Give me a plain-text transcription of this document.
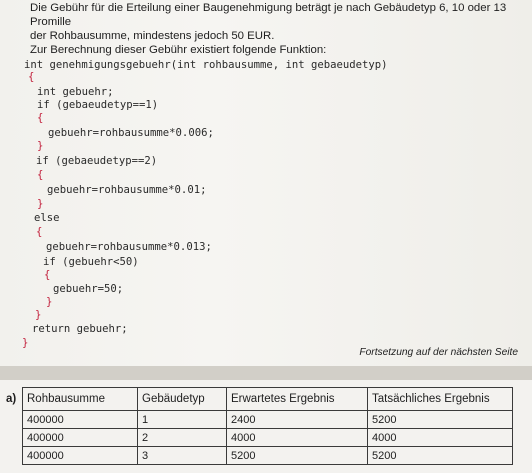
Die Gebühr für die Erteilung einer Baugenehmigung beträgt je nach Gebäudetyp 6, 10 oder 13 Promille

der Rohbausumme, mindestens jedoch 50 EUR.

Zur Berechnung dieser Gebühr existiert folgende Funktion:
int genehmigungsgebuehr(int rohbausumme, int gebaeudetyp)
{
int gebuehr;
if (gebaeudetyp==1)
{
gebuehr=rohbausumme*0.006;
}
if (gebaeudetyp==2)
{
gebuehr=rohbausumme*0.01;
}
else
{
gebuehr=rohbausumme*0.013;
if (gebuehr<50)
{
gebuehr=50;
}
}
return gebuehr;
}
Fortsetzung auf der nächsten Seite
a) Rohbausumme	Gebäudetyp	Erwartetes Ergebnis	Tatsächliches Ergebnis
400000	1	2400	5200
400000	2	4000	4000
400000	3	5200	5200
